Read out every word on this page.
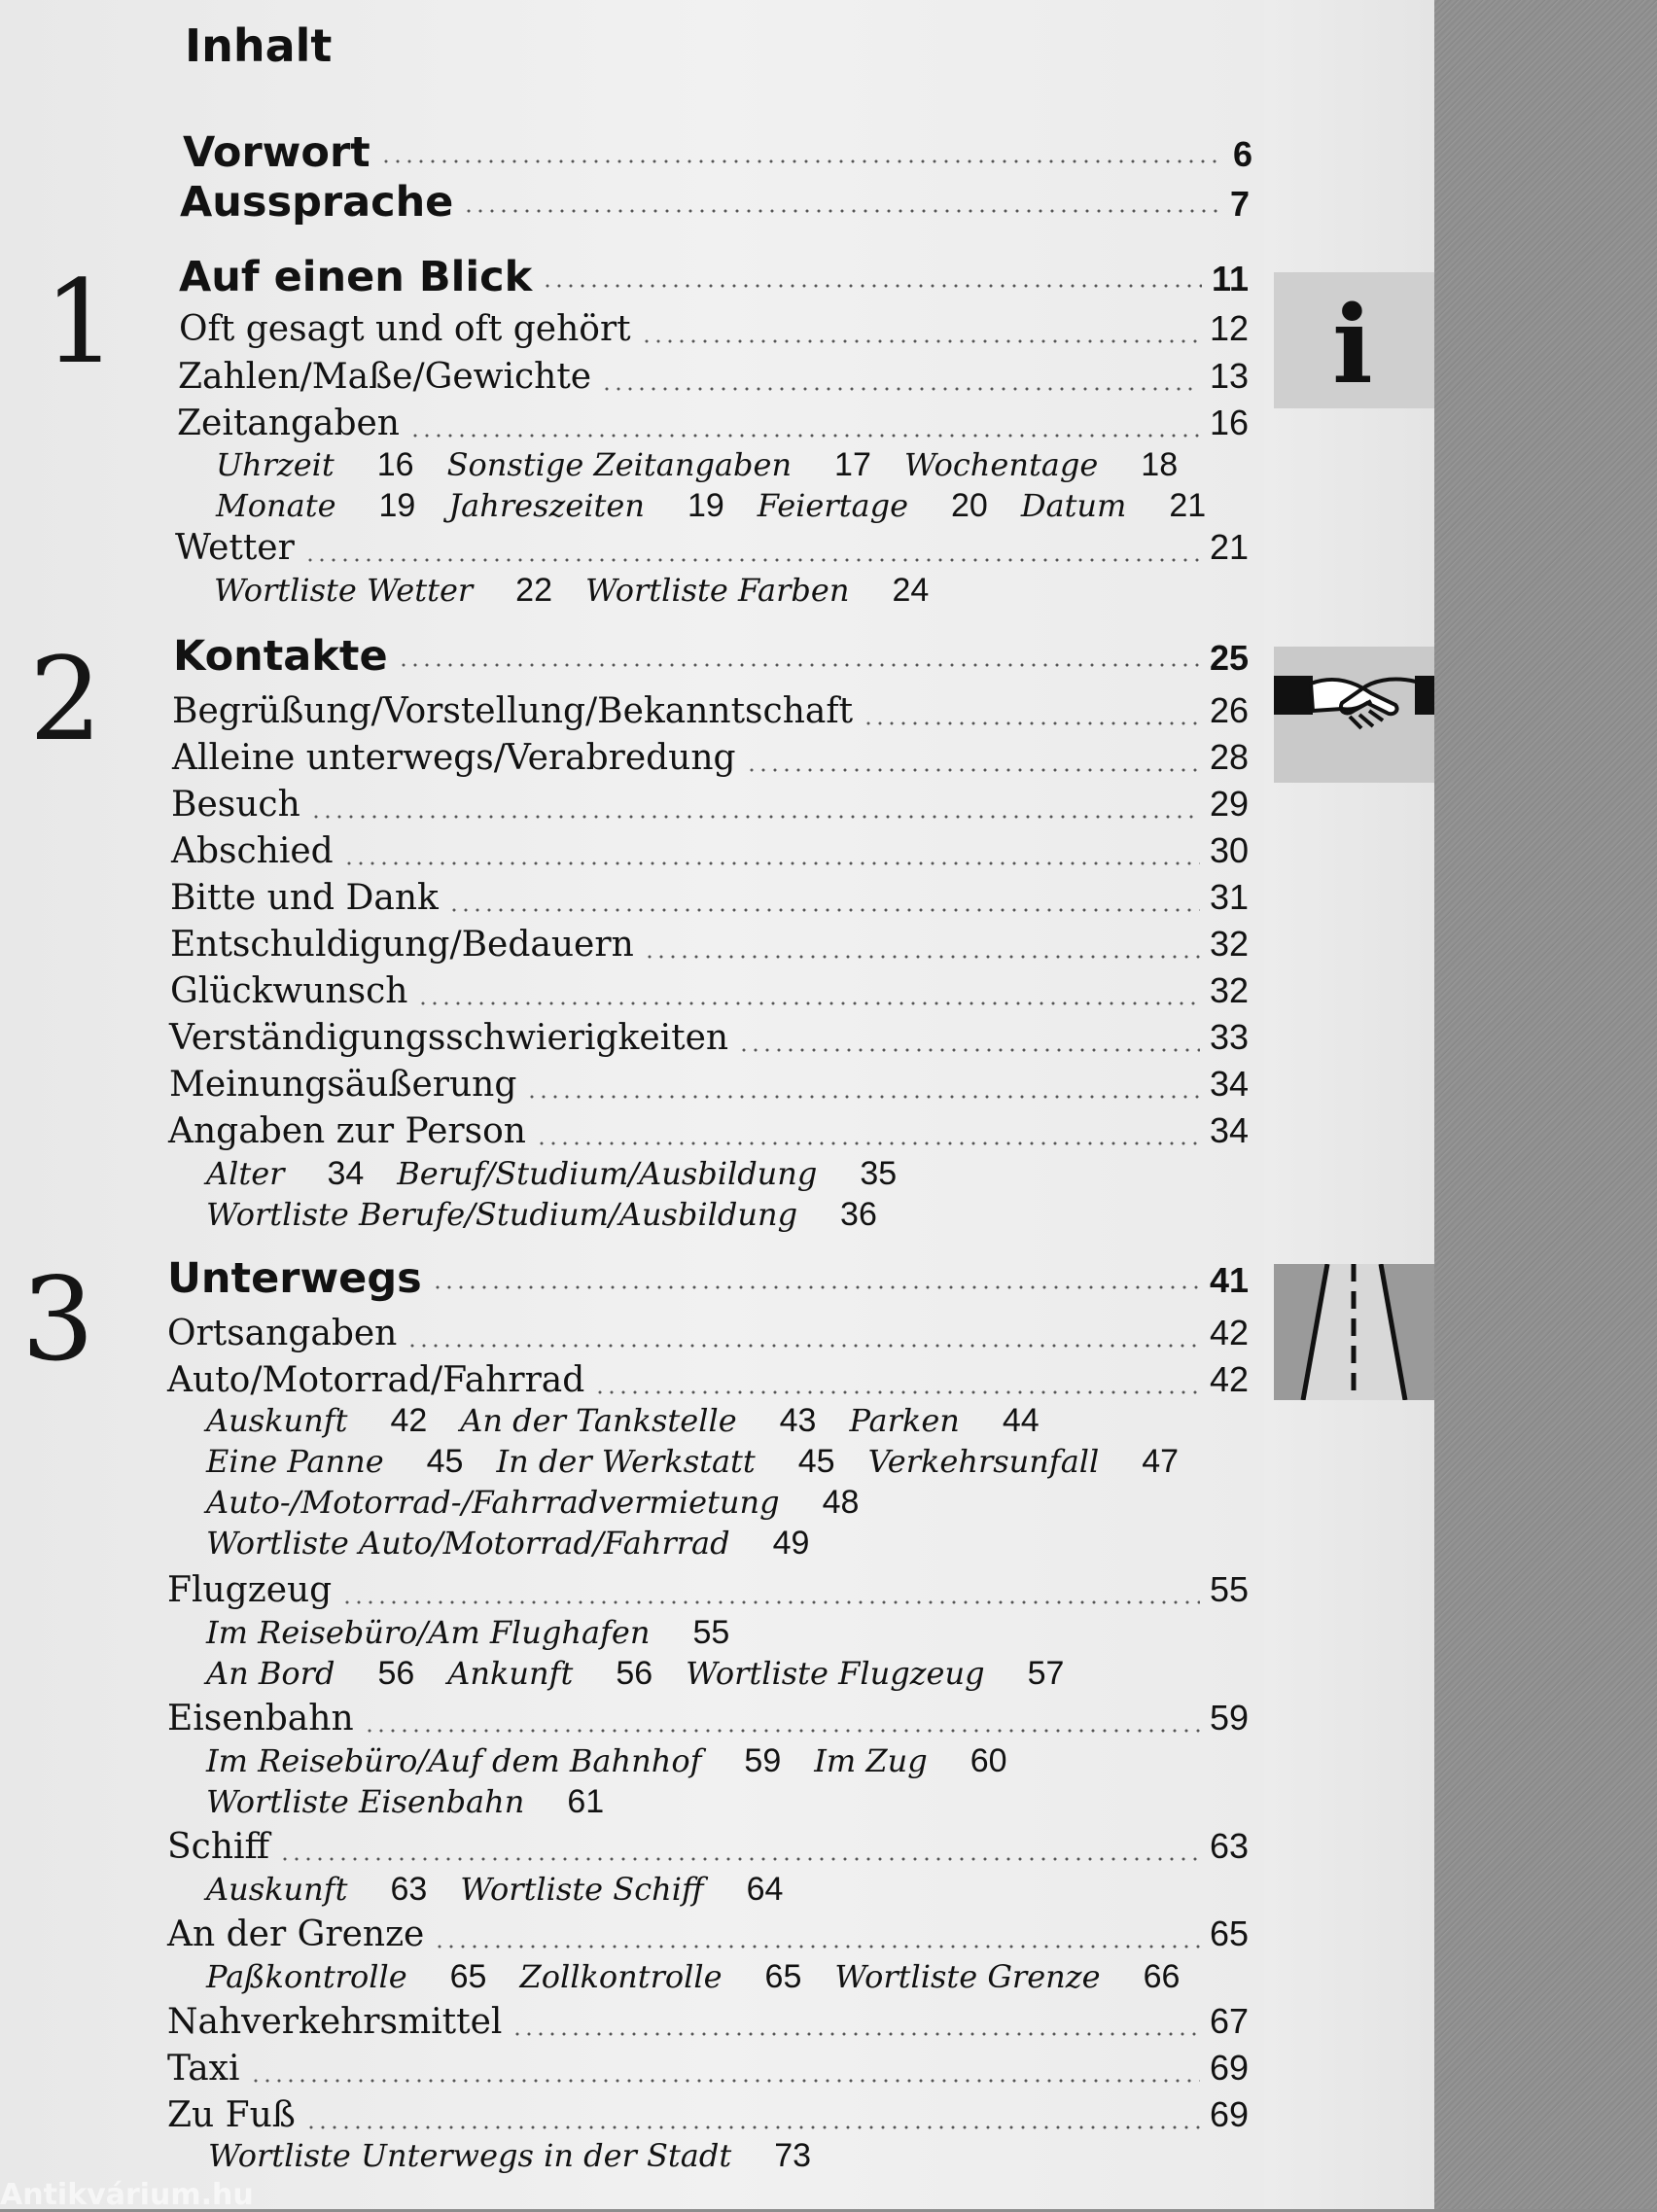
i
Inhalt
Vorwort	6
Aussprache	7
1 Auf einen Blick	11
Oft gesagt und oft gehört	12
Zahlen/Maße/Gewichte	13
Zeitangaben	16
Uhrzeit 16 Sonstige Zeitangaben 17 Wochentage 18
Monate 19 Jahreszeiten 19 Feiertage 20 Datum 21
Wetter	21
Wortliste Wetter 22 Wortliste Farben 24
2 Kontakte	25
Begrüßung/Vorstellung/Bekanntschaft	26
Alleine unterwegs/Verabredung	28
Besuch	29
Abschied	30
Bitte und Dank	31
Entschuldigung/Bedauern	32
Glückwunsch	32
Verständigungsschwierigkeiten	33
Meinungsäußerung	34
Angaben zur Person	34
Alter 34 Beruf/Studium/Ausbildung 35
Wortliste Berufe/Studium/Ausbildung 36
3 Unterwegs	41
Ortsangaben	42
Auto/Motorrad/Fahrrad	42
Auskunft 42 An der Tankstelle 43 Parken 44
Eine Panne 45 In der Werkstatt 45 Verkehrsunfall 47
Auto-/Motorrad-/Fahrradvermietung 48
Wortliste Auto/Motorrad/Fahrrad 49
Flugzeug	55
Im Reisebüro/Am Flughafen 55
An Bord 56 Ankunft 56 Wortliste Flugzeug 57
Eisenbahn	59
Im Reisebüro/Auf dem Bahnhof 59 Im Zug 60
Wortliste Eisenbahn 61
Schiff	63
Auskunft 63 Wortliste Schiff 64
An der Grenze	65
Paßkontrolle 65 Zollkontrolle 65 Wortliste Grenze 66
Nahverkehrsmittel	67
Taxi	69
Zu Fuß	69
Wortliste Unterwegs in der Stadt 73
Antikvárium.hu
